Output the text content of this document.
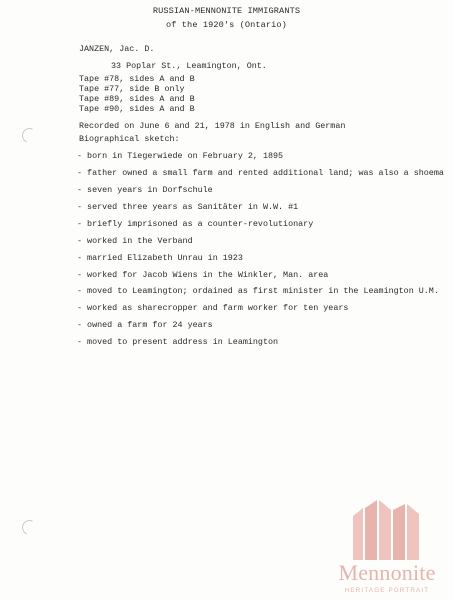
RUSSIAN-MENNONITE IMMIGRANTS
of the 1920's (Ontario)
JANZEN, Jac. D.
33 Poplar St., Leamington, Ont.
Tape #78, sides A and B
Tape #77, side B only
Tape #89, sides A and B
Tape #90, sides A and B
Recorded on June 6 and 21, 1978 in English and German
Biographical sketch:
- born in Tiegerwiede on February 2, 1895
- father owned a small farm and rented additional land; was also a shoema
- seven years in Dorfschule
- served three years as Sanitäter in W.W. #1
- briefly imprisoned as a counter-revolutionary
- worked in the Verband
- married Elizabeth Unrau in 1923
- worked for Jacob Wiens in the Winkler, Man. area
- moved to Leamington; ordained as first minister in the Leamington U.M.
- worked as sharecropper and farm worker for ten years
- owned a farm for 24 years
- moved to present address in Leamington
Mennonite
HERITAGE PORTRAIT
